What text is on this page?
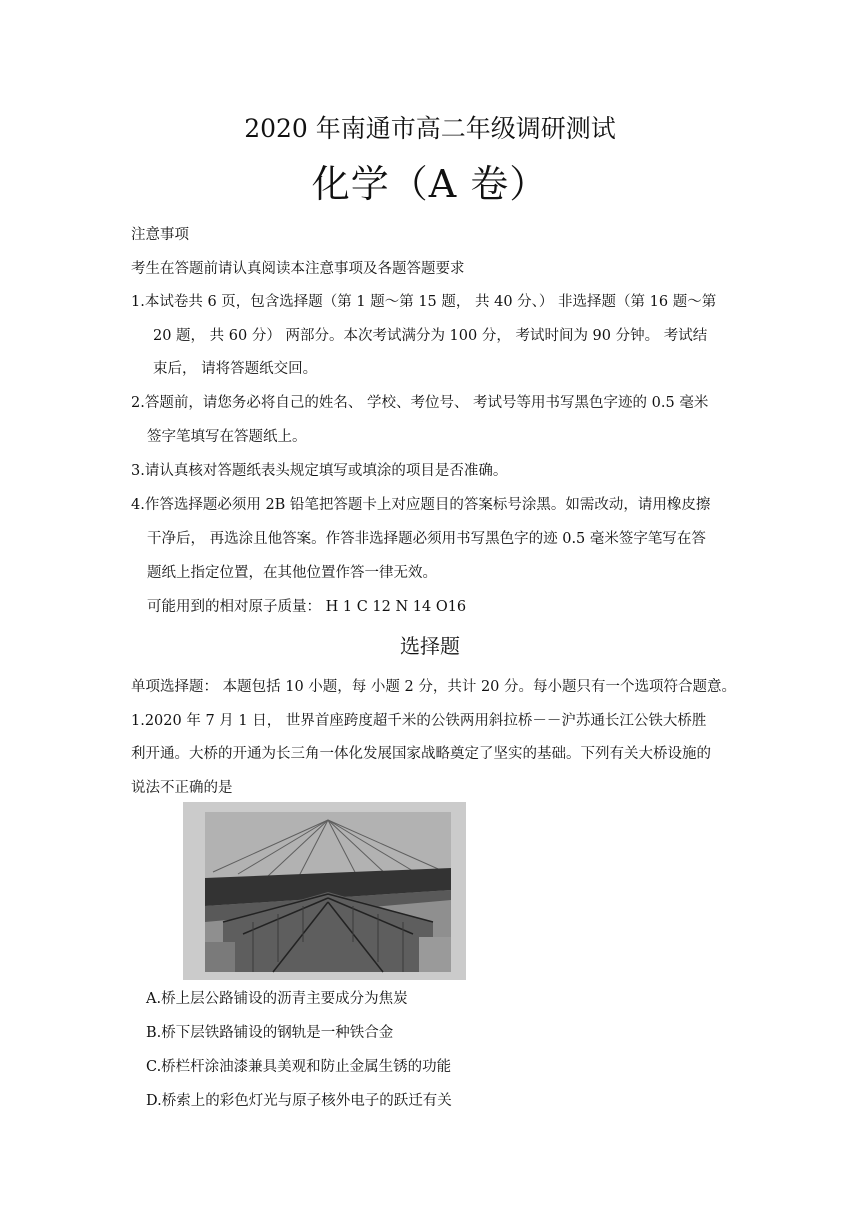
2020 年南通市高二年级调研测试
化学（A 卷）
注意事项
考生在答题前请认真阅读本注意事项及各题答题要求
1.本试卷共 6 页，包含选择题（第 1 题～第 15 题， 共 40 分、） 非选择题（第 16 题～第
20 题， 共 60 分） 两部分。本次考试满分为 100 分， 考试时间为 90 分钟。 考试结
束后， 请将答题纸交回。
2.答题前，请您务必将自己的姓名、 学校、考位号、 考试号等用书写黑色字迹的 0.5 毫米
签字笔填写在答题纸上。
3.请认真核对答题纸表头规定填写或填涂的项目是否准确。
4.作答选择题必须用 2B 铅笔把答题卡上对应题目的答案标号涂黑。如需改动，请用橡皮擦
干净后， 再选涂且他答案。作答非选择题必须用书写黑色字的迹 0.5 毫米签字笔写在答
题纸上指定位置，在其他位置作答一律无效。
可能用到的相对原子质量： H 1 C 12 N 14 O16
选择题
单项选择题： 本题包括 10 小题，每 小题 2 分，共计 20 分。每小题只有一个选项符合题意。
1.2020 年 7 月 1 日， 世界首座跨度超千米的公铁两用斜拉桥－－沪苏通长江公铁大桥胜
利开通。大桥的开通为长三角一体化发展国家战略奠定了坚实的基础。下列有关大桥设施的
说法不正确的是
A.桥上层公路铺设的沥青主要成分为焦炭
B.桥下层铁路铺设的钢轨是一种铁合金
C.桥栏杆涂油漆兼具美观和防止金属生锈的功能
D.桥索上的彩色灯光与原子核外电子的跃迁有关
